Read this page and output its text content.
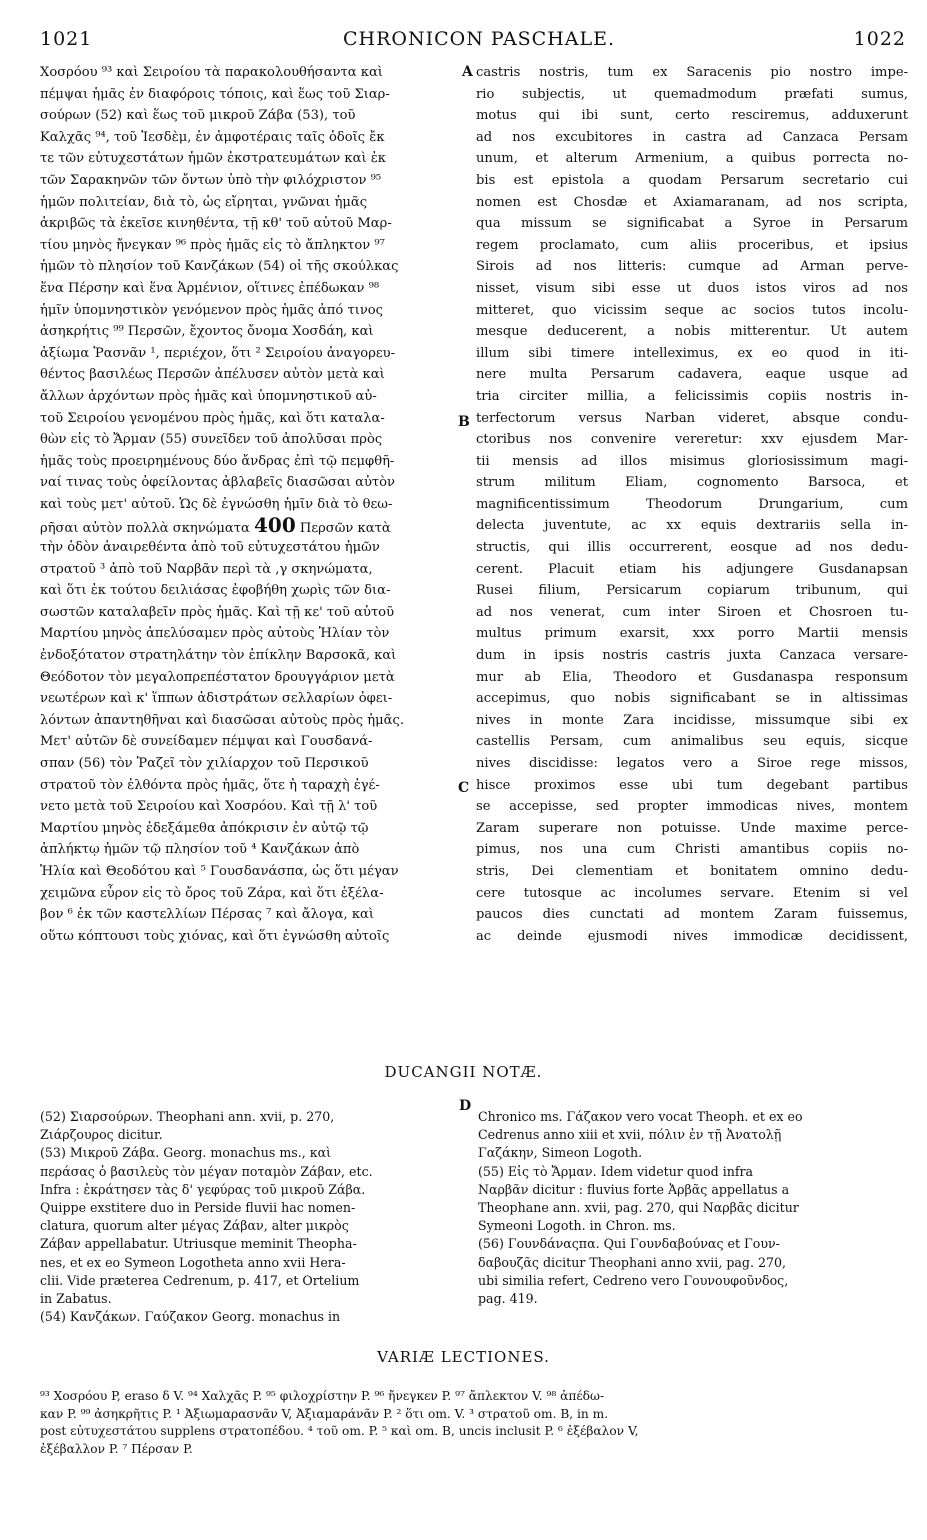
1021	CHRONICON PASCHALE.	1022
Χοσρόου ⁹³ καὶ Σειροίου τὰ παρακολουθήσαντα καὶ
πέμψαι ἡμᾶς ἐν διαφόροις τόποις, καὶ ἕως τοῦ Σιαρ-
σούρων (52) καὶ ἕως τοῦ μικροῦ Ζάβα (53), τοῦ
Καλχᾶς ⁹⁴, τοῦ Ἰεσδὲμ, ἐν ἀμφοτέραις ταῖς ὁδοῖς ἔκ
τε τῶν εὐτυχεστάτων ἡμῶν ἐκστρατευμάτων καὶ ἐκ
τῶν Σαρακηνῶν τῶν ὄντων ὑπὸ τὴν φιλόχριστον ⁹⁵
ἡμῶν πολιτείαν, διὰ τὸ, ὡς εἴρηται, γνῶναι ἡμᾶς
ἀκριβῶς τὰ ἐκεῖσε κινηθέντα, τῇ κθ' τοῦ αὐτοῦ Μαρ-
τίου μηνὸς ἤνεγκαν ⁹⁶ πρὸς ἡμᾶς εἰς τὸ ἄπληκτον ⁹⁷
ἡμῶν τὸ πλησίον τοῦ Κανζάκων (54) οἱ τῆς σκούλκας
ἕνα Πέρσην καὶ ἕνα Ἀρμένιον, οἵτινες ἐπέδωκαν ⁹⁸
ἡμῖν ὑπομνηστικὸν γενόμενον πρὸς ἡμᾶς ἀπό τινος
ἀσηκρήτις ⁹⁹ Περσῶν, ἔχοντος ὄνομα Χοσδάη, καὶ
ἀξίωμα Ῥασνᾶν ¹, περιέχον, ὅτι ² Σειροίου ἀναγορευ-
θέντος βασιλέως Περσῶν ἀπέλυσεν αὐτὸν μετὰ καὶ
ἄλλων ἀρχόντων πρὸς ἡμᾶς καὶ ὑπομνηστικοῦ αὐ-
τοῦ Σειροίου γενομένου πρὸς ἡμᾶς, καὶ ὅτι καταλα-
θὼν εἰς τὸ Ἄρμαν (55) συνεῖδεν τοῦ ἀπολῦσαι πρὸς
ἡμᾶς τοὺς προειρημένους δύο ἄνδρας ἐπὶ τῷ πεμφθῆ-
ναί τινας τοὺς ὀφείλοντας ἀβλαβεῖς διασῶσαι αὐτὸν
καὶ τοὺς μετ' αὐτοῦ. Ὡς δὲ ἐγνώσθη ἡμῖν διὰ τὸ θεω-
ρῆσαι αὐτὸν πολλὰ σκηνώματα 400 Περσῶν κατὰ
τὴν ὁδὸν ἀναιρεθέντα ἀπὸ τοῦ εὐτυχεστάτου ἡμῶν
στρατοῦ ³ ἀπὸ τοῦ Ναρβᾶν περὶ τὰ ,γ σκηνώματα,
καὶ ὅτι ἐκ τούτου δειλιάσας ἐφοβήθη χωρὶς τῶν δια-
σωστῶν καταλαβεῖν πρὸς ἡμᾶς. Καὶ τῇ κε' τοῦ αὐτοῦ
Μαρτίου μηνὸς ἀπελύσαμεν πρὸς αὐτοὺς Ἠλίαν τὸν
ἐνδοξότατον στρατηλάτην τὸν ἐπίκλην Βαρσοκᾶ, καὶ
Θεόδοτον τὸν μεγαλοπρεπέστατον δρουγγάριον μετὰ
νεωτέρων καὶ κ' ἵππων ἀδιστράτων σελλαρίων ὀφει-
λόντων ἀπαντηθῆναι καὶ διασῶσαι αὐτοὺς πρὸς ἡμᾶς.
Μετ' αὐτῶν δὲ συνείδαμεν πέμψαι καὶ Γουσδανά-
σπαν (56) τὸν Ῥαζεῖ τὸν χιλίαρχον τοῦ Περσικοῦ
στρατοῦ τὸν ἐλθόντα πρὸς ἡμᾶς, ὅτε ἡ ταραχὴ ἐγέ-
νετο μετὰ τοῦ Σειροίου καὶ Χοσρόου. Καὶ τῇ λ' τοῦ
Μαρτίου μηνὸς ἐδεξάμεθα ἀπόκρισιν ἐν αὐτῷ τῷ
ἀπλήκτῳ ἡμῶν τῷ πλησίον τοῦ ⁴ Κανζάκων ἀπὸ
Ἠλία καὶ Θεοδότου καὶ ⁵ Γουσδανάσπα, ὡς ὅτι μέγαν
χειμῶνα εὗρον εἰς τὸ ὄρος τοῦ Ζάρα, καὶ ὅτι ἐξέλα-
βον ⁶ ἐκ τῶν καστελλίων Πέρσας ⁷ καὶ ἄλογα, καὶ
οὕτω κόπτουσι τοὺς χιόνας, καὶ ὅτι ἐγνώσθη αὐτοῖς
castris nostris, tum ex Saracenis pio nostro impe-
rio subjectis, ut quemadmodum præfati sumus,
motus qui ibi sunt, certo resciremus, adduxerunt
ad nos excubitores in castra ad Canzaca Persam
unum, et alterum Armenium, a quibus porrecta no-
bis est epistola a quodam Persarum secretario cui
nomen est Chosdæ et Axiamaranam, ad nos scripta,
qua missum se significabat a Syroe in Persarum
regem proclamato, cum aliis proceribus, et ipsius
Sirois ad nos litteris: cumque ad Arman perve-
nisset, visum sibi esse ut duos istos viros ad nos
mitteret, quo vicissim seque ac socios tutos incolu-
mesque deducerent, a nobis mitterentur. Ut autem
illum sibi timere intelleximus, ex eo quod in iti-
nere multa Persarum cadavera, eaque usque ad
tria circiter millia, a felicissimis copiis nostris in-
terfectorum versus Narban videret, absque condu-
ctoribus nos convenire vereretur: xxv ejusdem Mar-
tii mensis ad illos misimus gloriosissimum magi-
strum militum Eliam, cognomento Barsoca, et
magnificentissimum Theodorum Drungarium, cum
delecta juventute, ac xx equis dextrariis sella in-
structis, qui illis occurrerent, eosque ad nos dedu-
cerent. Placuit etiam his adjungere Gusdanapsan
Rusei filium, Persicarum copiarum tribunum, qui
ad nos venerat, cum inter Siroen et Chosroen tu-
multus primum exarsit, xxx porro Martii mensis
dum in ipsis nostris castris juxta Canzaca versare-
mur ab Elia, Theodoro et Gusdanaspa responsum
accepimus, quo nobis significabant se in altissimas
nives in monte Zara incidisse, missumque sibi ex
castellis Persam, cum animalibus seu equis, sicque
nives discidisse: legatos vero a Siroe rege missos,
hisce proximos esse ubi tum degebant partibus
se accepisse, sed propter immodicas nives, montem
Zaram superare non potuisse. Unde maxime perce-
pimus, nos una cum Christi amantibus copiis no-
stris, Dei clementiam et bonitatem omnino dedu-
cere tutosque ac incolumes servare. Etenim si vel
paucos dies cunctati ad montem Zaram fuissemus,
ac deinde ejusmodi nives immodicæ decidissent,
A
B
C
D
DUCANGII NOTÆ.
(52) Σιαρσούρων. Theophani ann. xvii, p. 270,
Ζιάρζουρος dicitur.
(53) Μικροῦ Ζάβα. Georg. monachus ms., καὶ
περάσας ὁ βασιλεὺς τὸν μέγαν ποταμὸν Ζάβαν, etc.
Infra : ἐκράτησεν τὰς δ' γεφύρας τοῦ μικροῦ Ζάβα.
Quippe exstitere duo in Perside fluvii hac nomen-
clatura, quorum alter μέγας Ζάβαν, alter μικρὸς
Ζάβαν appellabatur. Utriusque meminit Theopha-
nes, et ex eo Symeon Logotheta anno xvii Hera-
clii. Vide præterea Cedrenum, p. 417, et Ortelium
in Zabatus.
(54) Κανζάκων. Γαύζακον Georg. monachus in
Chronico ms. Γάζακον vero vocat Theoph. et ex eo
Cedrenus anno xiii et xvii, πόλιν ἐν τῇ Ἀνατολῇ
Γαζάκην, Simeon Logoth.
(55) Εἰς τὸ Ἄρμαν. Idem videtur quod infra
Ναρβᾶν dicitur : fluvius forte Ἀρβᾶς appellatus a
Theophane ann. xvii, pag. 270, qui Ναρβᾶς dicitur
Symeoni Logoth. in Chron. ms.
(56) Γουνδάναςπα. Qui Γουνδαβούνας et Γουν-
δαβουζᾶς dicitur Theophani anno xvii, pag. 270,
ubi similia refert, Cedreno vero Γουνουφοῦνδος,
pag. 419.
VARIÆ LECTIONES.
⁹³ Χοσρόου P, eraso δ V. ⁹⁴ Χαλχᾶς P. ⁹⁵ φιλοχρίστην P. ⁹⁶ ἤνεγκεν P. ⁹⁷ ἄπλεκτον V. ⁹⁸ ἀπέδω-
καν P. ⁹⁹ ἀσηκρῆτις P. ¹ Ἀξιωμαρασνᾶν V, Ἀξιαμαράνᾶν P. ² ὅτι om. V. ³ στρατοῦ om. B, in m.
post εὐτυχεστάτου supplens στρατοπέδου. ⁴ τοῦ om. P. ⁵ καὶ om. B, uncis inclusit P. ⁶ ἐξέβαλον V,
ἐξέβαλλον P. ⁷ Πέρσαν P.
